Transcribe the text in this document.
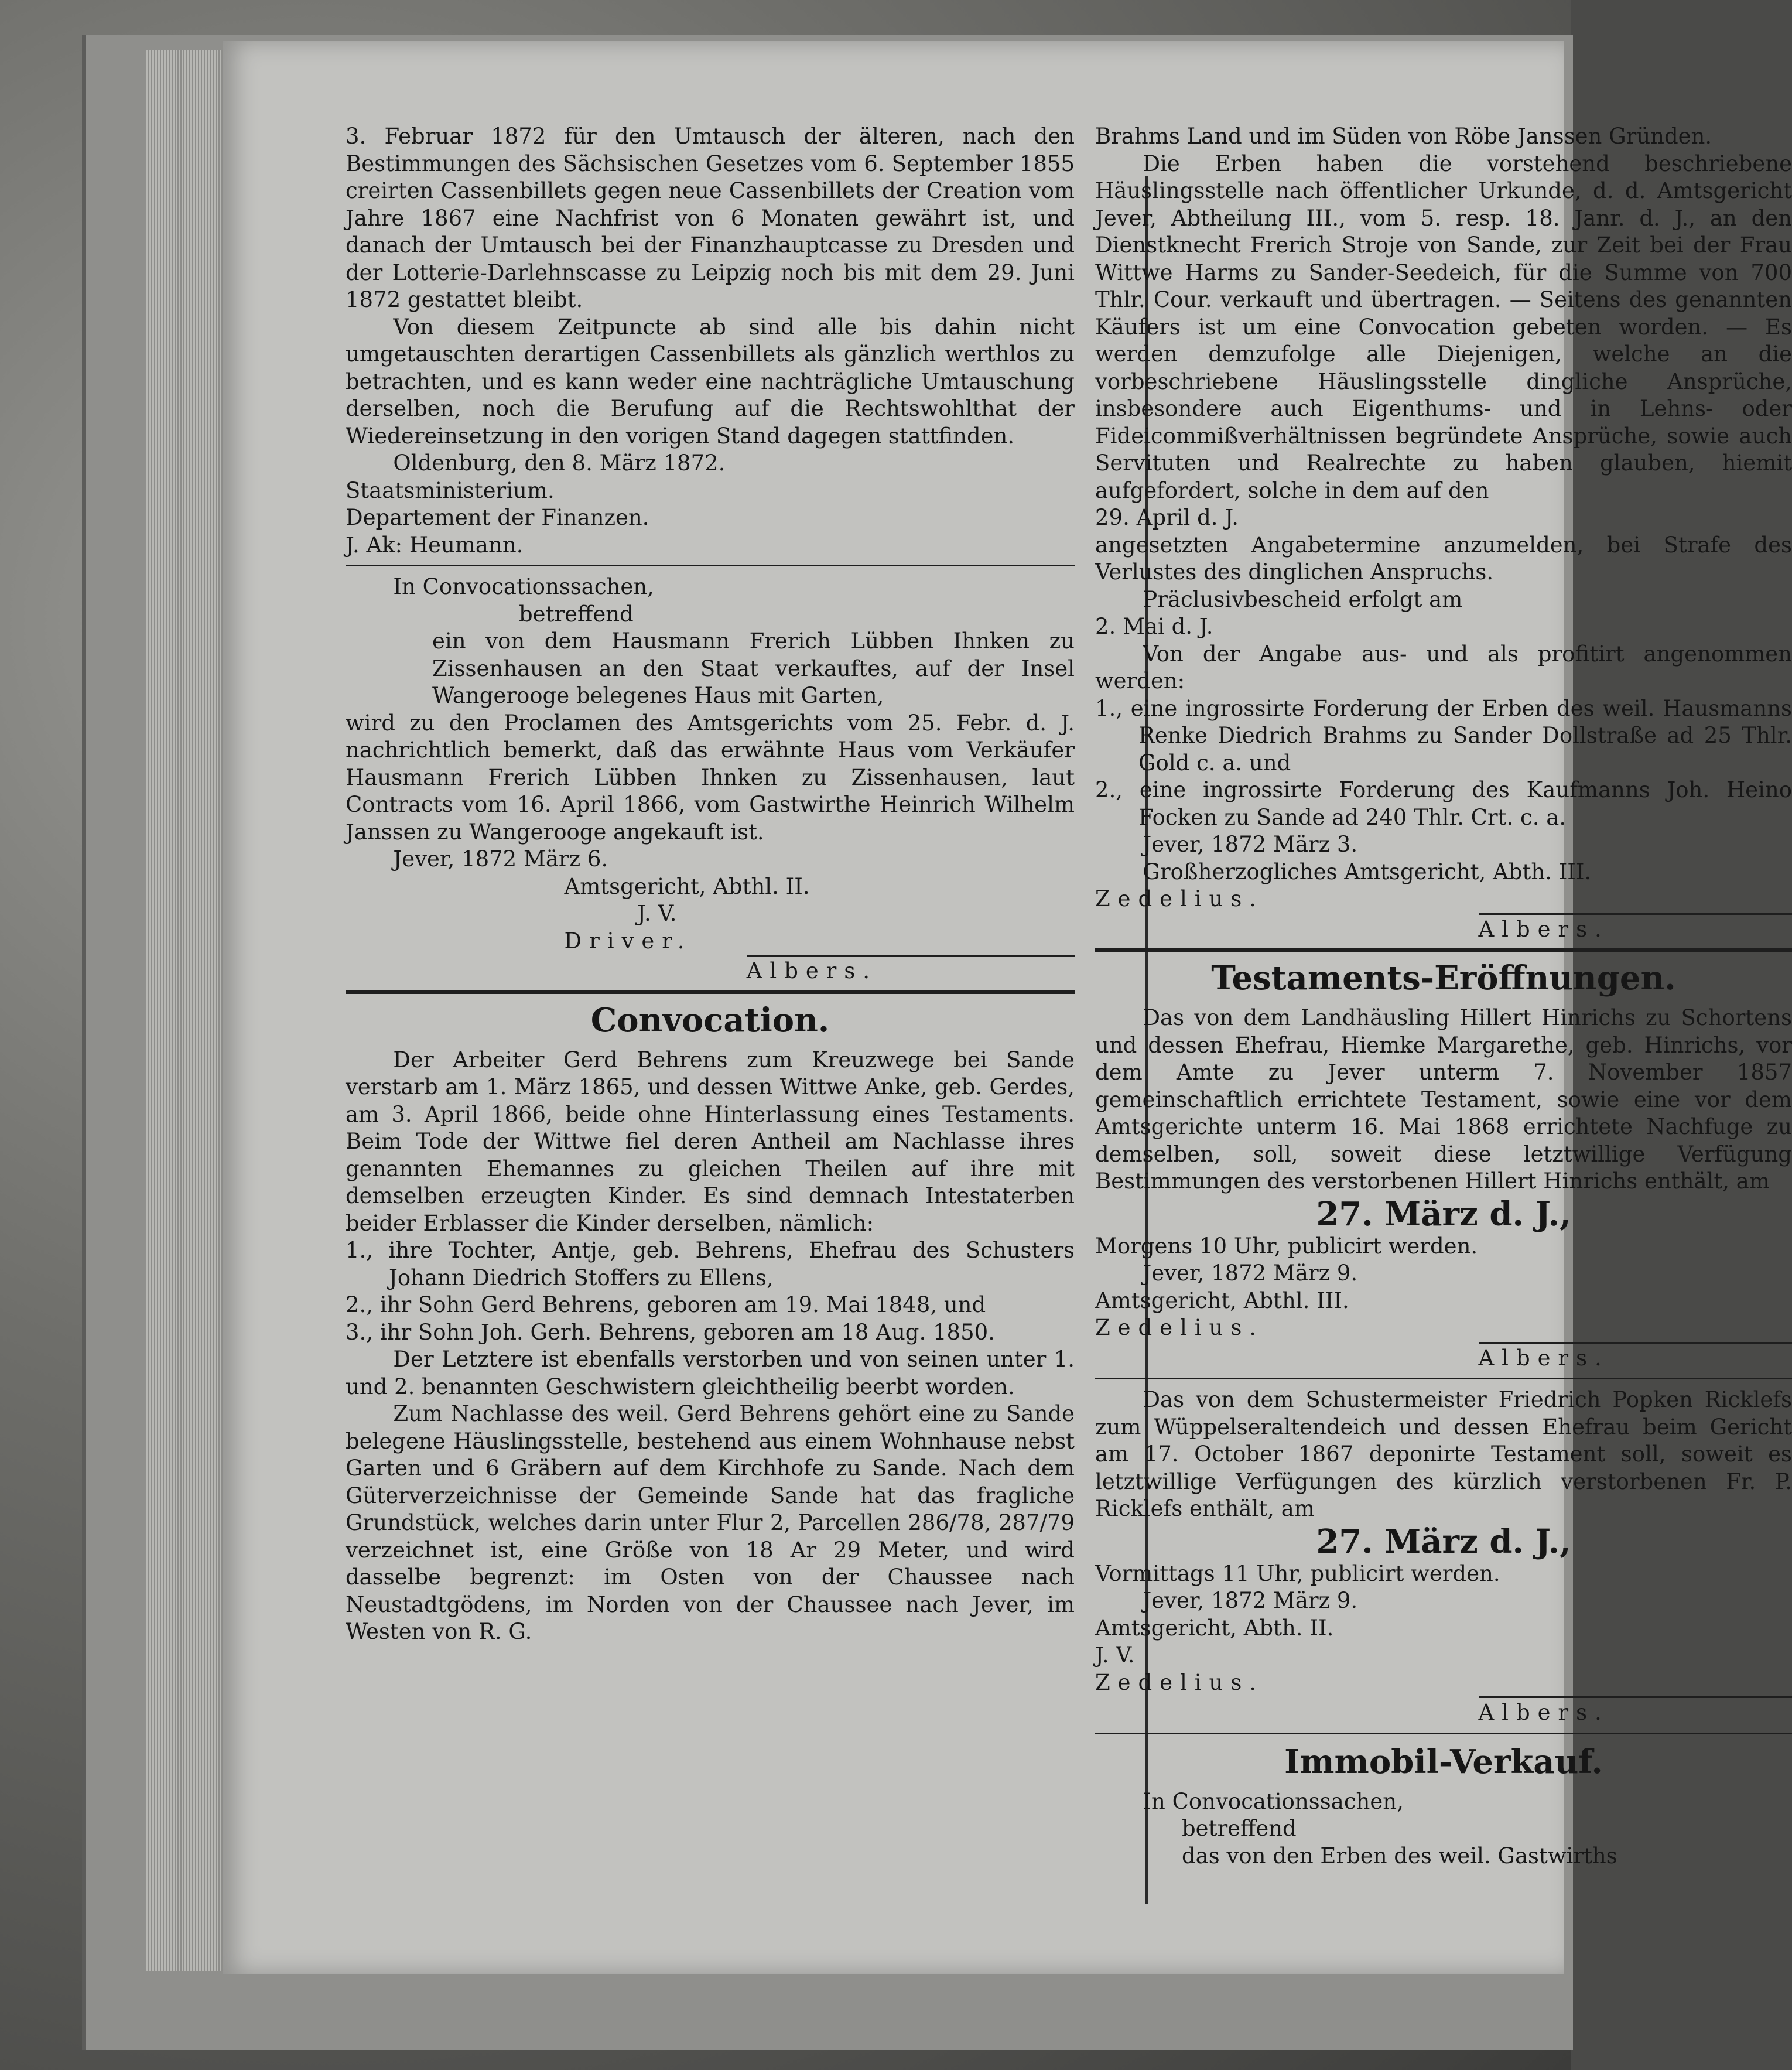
3. Februar 1872 für den Umtausch der älteren, nach den Bestimmungen des Sächsischen Gesetzes vom 6. September 1855 creirten Cassenbillets gegen neue Cassenbillets der Creation vom Jahre 1867 eine Nachfrist von 6 Monaten gewährt ist, und danach der Umtausch bei der Finanzhauptcasse zu Dresden und der Lotterie-Darlehnscasse zu Leipzig noch bis mit dem 29. Juni 1872 gestattet bleibt.

Von diesem Zeitpuncte ab sind alle bis dahin nicht umgetauschten derartigen Cassenbillets als gänzlich werthlos zu betrachten, und es kann weder eine nachträgliche Umtauschung derselben, noch die Berufung auf die Rechtswohlthat der Wiedereinsetzung in den vorigen Stand dagegen stattfinden.

Oldenburg, den 8. März 1872.

Staatsministerium.

Departement der Finanzen.

J. Ak: Heumann.

In Convocationssachen,

betreffend

ein von dem Hausmann Frerich Lübben Ihnken zu Zissenhausen an den Staat verkauftes, auf der Insel Wangerooge belegenes Haus mit Garten,

wird zu den Proclamen des Amtsgerichts vom 25. Febr. d. J. nachrichtlich bemerkt, daß das erwähnte Haus vom Verkäufer Hausmann Frerich Lübben Ihnken zu Zissenhausen, laut Contracts vom 16. April 1866, vom Gastwirthe Heinrich Wilhelm Janssen zu Wangerooge angekauft ist.

Jever, 1872 März 6.

Amtsgericht, Abthl. II.

J. V.

Driver.

Albers.

Convocation.

Der Arbeiter Gerd Behrens zum Kreuzwege bei Sande verstarb am 1. März 1865, und dessen Wittwe Anke, geb. Gerdes, am 3. April 1866, beide ohne Hinterlassung eines Testaments. Beim Tode der Wittwe fiel deren Antheil am Nachlasse ihres genannten Ehemannes zu gleichen Theilen auf ihre mit demselben erzeugten Kinder. Es sind demnach Intestaterben beider Erblasser die Kinder derselben, nämlich:

1., ihre Tochter, Antje, geb. Behrens, Ehefrau des Schusters Johann Diedrich Stoffers zu Ellens,

2., ihr Sohn Gerd Behrens, geboren am 19. Mai 1848, und

3., ihr Sohn Joh. Gerh. Behrens, geboren am 18 Aug. 1850.

Der Letztere ist ebenfalls verstorben und von seinen unter 1. und 2. benannten Geschwistern gleichtheilig beerbt worden.

Zum Nachlasse des weil. Gerd Behrens gehört eine zu Sande belegene Häuslingsstelle, bestehend aus einem Wohnhause nebst Garten und 6 Gräbern auf dem Kirchhofe zu Sande. Nach dem Güterverzeichnisse der Gemeinde Sande hat das fragliche Grundstück, welches darin unter Flur 2, Parcellen 286/78, 287/79 verzeichnet ist, eine Größe von 18 Ar 29 Meter, und wird dasselbe begrenzt: im Osten von der Chaussee nach Neustadtgödens, im Norden von der Chaussee nach Jever, im Westen von R. G.

Brahms Land und im Süden von Röbe Janssen Gründen.

Die Erben haben die vorstehend beschriebene Häuslingsstelle nach öffentlicher Urkunde, d. d. Amtsgericht Jever, Abtheilung III., vom 5. resp. 18. Janr. d. J., an den Dienstknecht Frerich Stroje von Sande, zur Zeit bei der Frau Wittwe Harms zu Sander-Seedeich, für die Summe von 700 Thlr. Cour. verkauft und übertragen. — Seitens des genannten Käufers ist um eine Convocation gebeten worden. — Es werden demzufolge alle Diejenigen, welche an die vorbeschriebene Häuslingsstelle dingliche Ansprüche, insbesondere auch Eigenthums- und in Lehns- oder Fideicommißverhältnissen begründete Ansprüche, sowie auch Servituten und Realrechte zu haben glauben, hiemit aufgefordert, solche in dem auf den

29. April d. J.

angesetzten Angabetermine anzumelden, bei Strafe des Verlustes des dinglichen Anspruchs.

Präclusivbescheid erfolgt am

2. Mai d. J.

Von der Angabe aus- und als profitirt angenommen werden:

1., eine ingrossirte Forderung der Erben des weil. Hausmanns Renke Diedrich Brahms zu Sander Dollstraße ad 25 Thlr. Gold c. a. und

2., eine ingrossirte Forderung des Kaufmanns Joh. Heino Focken zu Sande ad 240 Thlr. Crt. c. a.

Jever, 1872 März 3.

Großherzogliches Amtsgericht, Abth. III.

Zedelius.

Albers.

Testaments-Eröffnungen.

Das von dem Landhäusling Hillert Hinrichs zu Schortens und dessen Ehefrau, Hiemke Margarethe, geb. Hinrichs, vor dem Amte zu Jever unterm 7. November 1857 gemeinschaftlich errichtete Testament, sowie eine vor dem Amtsgerichte unterm 16. Mai 1868 errichtete Nachfuge zu demselben, soll, soweit diese letztwillige Verfügung Bestimmungen des verstorbenen Hillert Hinrichs enthält, am

27. März d. J.,

Morgens 10 Uhr, publicirt werden.

Jever, 1872 März 9.

Amtsgericht, Abthl. III.

Zedelius.

Albers.

Das von dem Schustermeister Friedrich Popken Ricklefs zum Wüppelseraltendeich und dessen Ehefrau beim Gericht am 17. October 1867 deponirte Testament soll, soweit es letztwillige Verfügungen des kürzlich verstorbenen Fr. P. Ricklefs enthält, am

27. März d. J.,

Vormittags 11 Uhr, publicirt werden.

Jever, 1872 März 9.

Amtsgericht, Abth. II.

J. V.

Zedelius.

Albers.

Immobil-Verkauf.

In Convocationssachen,

betreffend

das von den Erben des weil. Gastwirths
